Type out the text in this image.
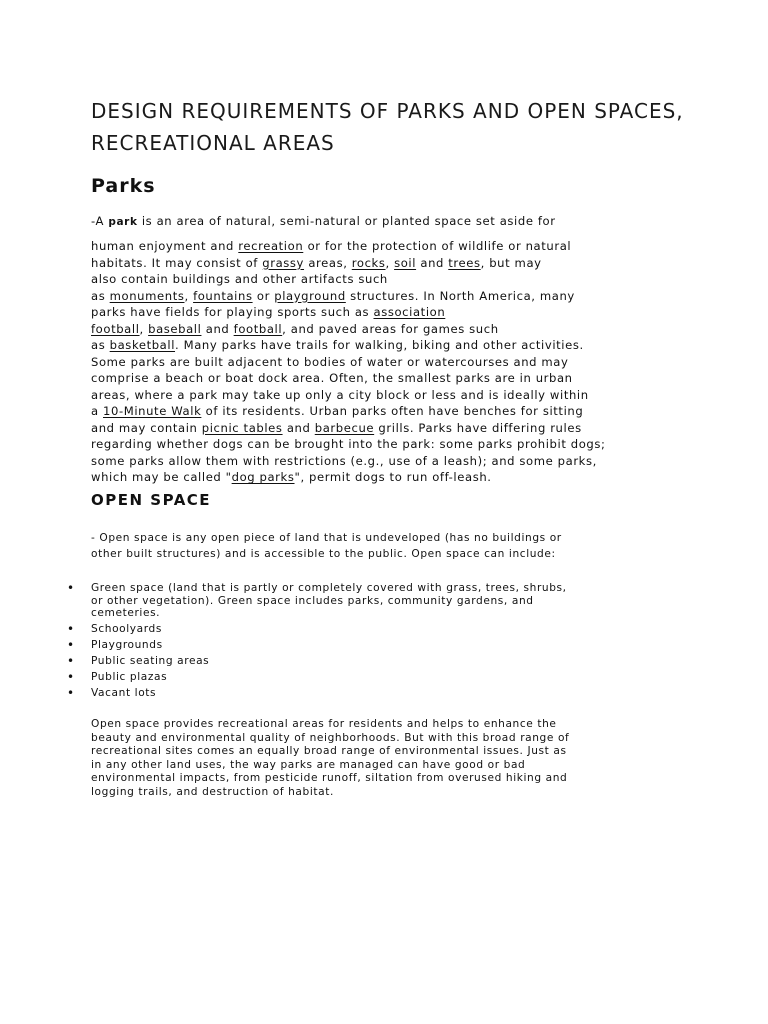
DESIGN REQUIREMENTS OF PARKS AND OPEN SPACES,
RECREATIONAL AREAS
Parks
-A park is an area of natural, semi-natural or planted space set aside for
human enjoyment and recreation or for the protection of wildlife or natural
habitats. It may consist of grassy areas, rocks, soil and trees, but may
also contain buildings and other artifacts such
as monuments, fountains or playground structures. In North America, many
parks have fields for playing sports such as association
football, baseball and football, and paved areas for games such
as basketball. Many parks have trails for walking, biking and other activities.
Some parks are built adjacent to bodies of water or watercourses and may
comprise a beach or boat dock area. Often, the smallest parks are in urban
areas, where a park may take up only a city block or less and is ideally within
a 10-Minute Walk of its residents. Urban parks often have benches for sitting
and may contain picnic tables and barbecue grills. Parks have differing rules
regarding whether dogs can be brought into the park: some parks prohibit dogs;
some parks allow them with restrictions (e.g., use of a leash); and some parks,
which may be called "dog parks", permit dogs to run off-leash.
OPEN SPACE
- Open space is any open piece of land that is undeveloped (has no buildings or
other built structures) and is accessible to the public. Open space can include:
• Green space (land that is partly or completely covered with grass, trees, shrubs,
or other vegetation). Green space includes parks, community gardens, and
cemeteries.
• Schoolyards
• Playgrounds
• Public seating areas
• Public plazas
• Vacant lots
Open space provides recreational areas for residents and helps to enhance the
beauty and environmental quality of neighborhoods. But with this broad range of
recreational sites comes an equally broad range of environmental issues. Just as
in any other land uses, the way parks are managed can have good or bad
environmental impacts, from pesticide runoff, siltation from overused hiking and
logging trails, and destruction of habitat.
